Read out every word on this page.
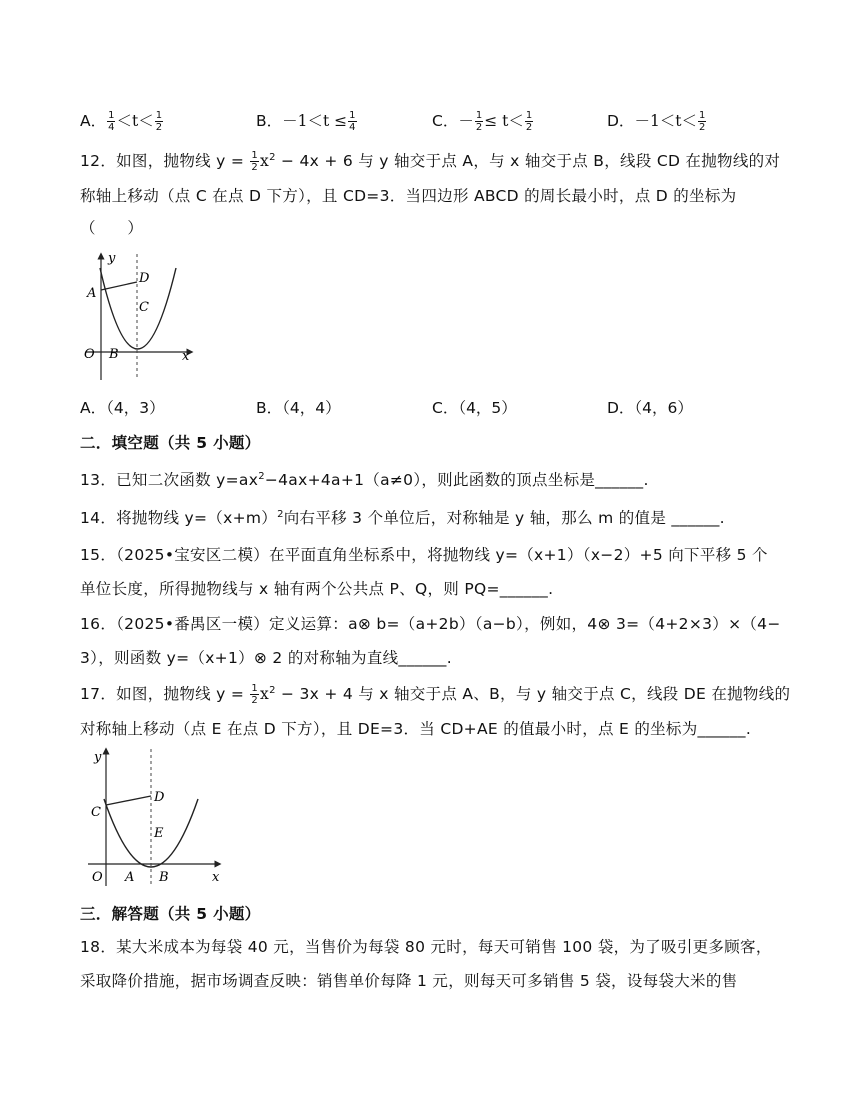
A． $\frac{1}{4} <t< \frac{1}{2}$	B．$-1<t \le \frac{1}{4}$	C．－ $\frac{1}{2} \le t< \frac{1}{2}$	D．$-1<t< \frac{1}{2}$
12．如图，抛物线 $y = \frac{1}{2} x^2 - 4x + 6$ 与 y 轴交于点 A，与 x 轴交于点 B，线段 CD 在抛物线的对
称轴上移动（点 C 在点 D 下方），且 CD=3．当四边形 ABCD 的周长最小时，点 D 的坐标为
（　　）
y
x
O
A
B
C
D
A．（4，3）	B．（4，4）	C．（4，5）	D．（4，6）
二．填空题（共 5 小题）
13．已知二次函数 $y=ax^2-4ax+4a+1(a\ne 0)$，则此函数的顶点坐标是______.
14．将抛物线 $y=(x+m)^2$向右平移 3 个单位后，对称轴是 y 轴，那么 m 的值是 ______.
15．（2025•宝安区二模）在平面直角坐标系中，将抛物线 y=（x+1）（x−2）+5 向下平移 5 个
单位长度，所得抛物线与 x 轴有两个公共点 P、Q，则 PQ=______.
16．（2025•番禺区一模）定义运算：a⊗ b=（a+2b）（a−b），例如，4⊗ 3=（4+2×3）×（4−
3），则函数 y=（x+1）⊗ 2 的对称轴为直线______.
17．如图，抛物线 $y = \frac{1}{2} x^2 - 3x + 4$ 与 x 轴交于点 A、B，与 y 轴交于点 C，线段 DE 在抛物线的
对称轴上移动（点 E 在点 D 下方），且 DE=3．当 CD+AE 的值最小时，点 E 的坐标为______.
y
x
O
C
D
E
A B
三．解答题（共 5 小题）
18．某大米成本为每袋 40 元，当售价为每袋 80 元时，每天可销售 100 袋，为了吸引更多顾客，
采取降价措施，据市场调查反映：销售单价每降 1 元，则每天可多销售 5 袋，设每袋大米的售
